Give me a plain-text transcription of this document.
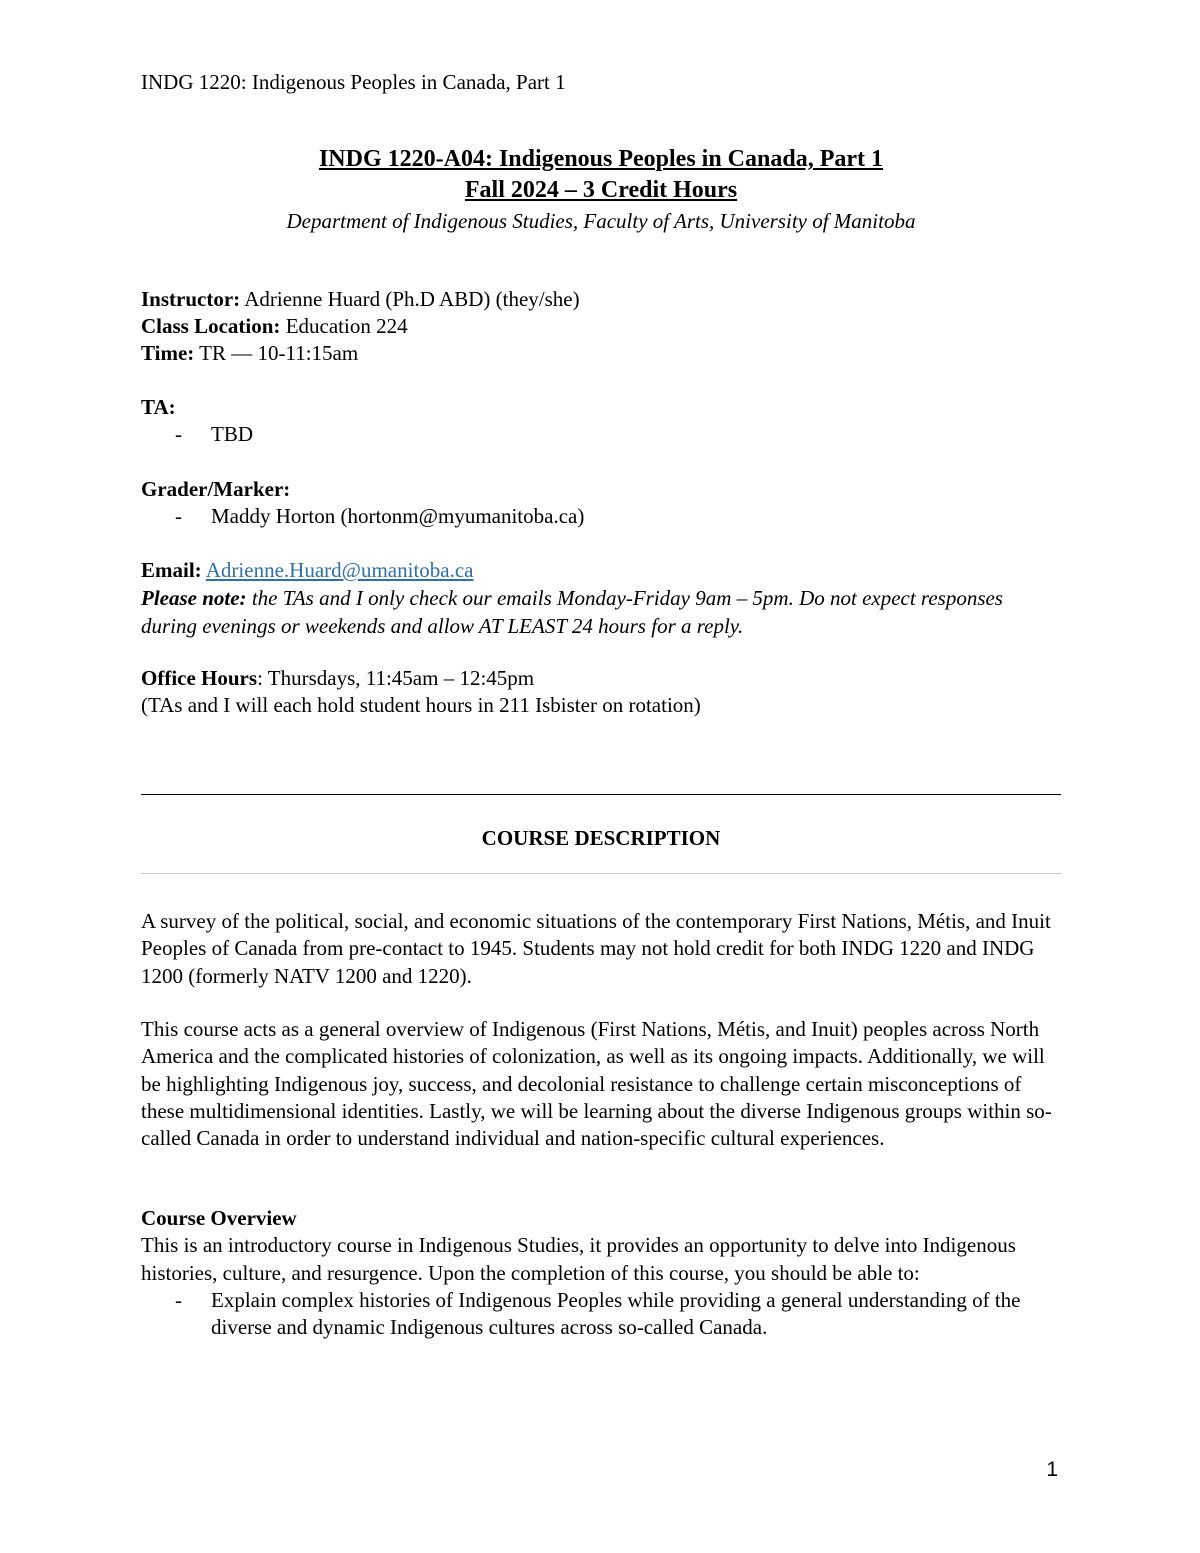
INDG 1220: Indigenous Peoples in Canada, Part 1
INDG 1220-A04: Indigenous Peoples in Canada, Part 1
Fall 2024 – 3 Credit Hours
Department of Indigenous Studies, Faculty of Arts, University of Manitoba
Instructor: Adrienne Huard (Ph.D ABD) (they/she)
Class Location: Education 224
Time: TR — 10-11:15am
TA:
- TBD
Grader/Marker:
- Maddy Horton (hortonm@myumanitoba.ca)
Email: Adrienne.Huard@umanitoba.ca
Please note: the TAs and I only check our emails Monday-Friday 9am – 5pm. Do not expect responses during evenings or weekends and allow AT LEAST 24 hours for a reply.
Office Hours: Thursdays, 11:45am – 12:45pm
(TAs and I will each hold student hours in 211 Isbister on rotation)
COURSE DESCRIPTION
A survey of the political, social, and economic situations of the contemporary First Nations, Métis, and Inuit Peoples of Canada from pre-contact to 1945. Students may not hold credit for both INDG 1220 and INDG 1200 (formerly NATV 1200 and 1220).
This course acts as a general overview of Indigenous (First Nations, Métis, and Inuit) peoples across North America and the complicated histories of colonization, as well as its ongoing impacts. Additionally, we will be highlighting Indigenous joy, success, and decolonial resistance to challenge certain misconceptions of these multidimensional identities. Lastly, we will be learning about the diverse Indigenous groups within so-called Canada in order to understand individual and nation-specific cultural experiences.
Course Overview
This is an introductory course in Indigenous Studies, it provides an opportunity to delve into Indigenous histories, culture, and resurgence. Upon the completion of this course, you should be able to:
- Explain complex histories of Indigenous Peoples while providing a general understanding of the diverse and dynamic Indigenous cultures across so-called Canada.
1
